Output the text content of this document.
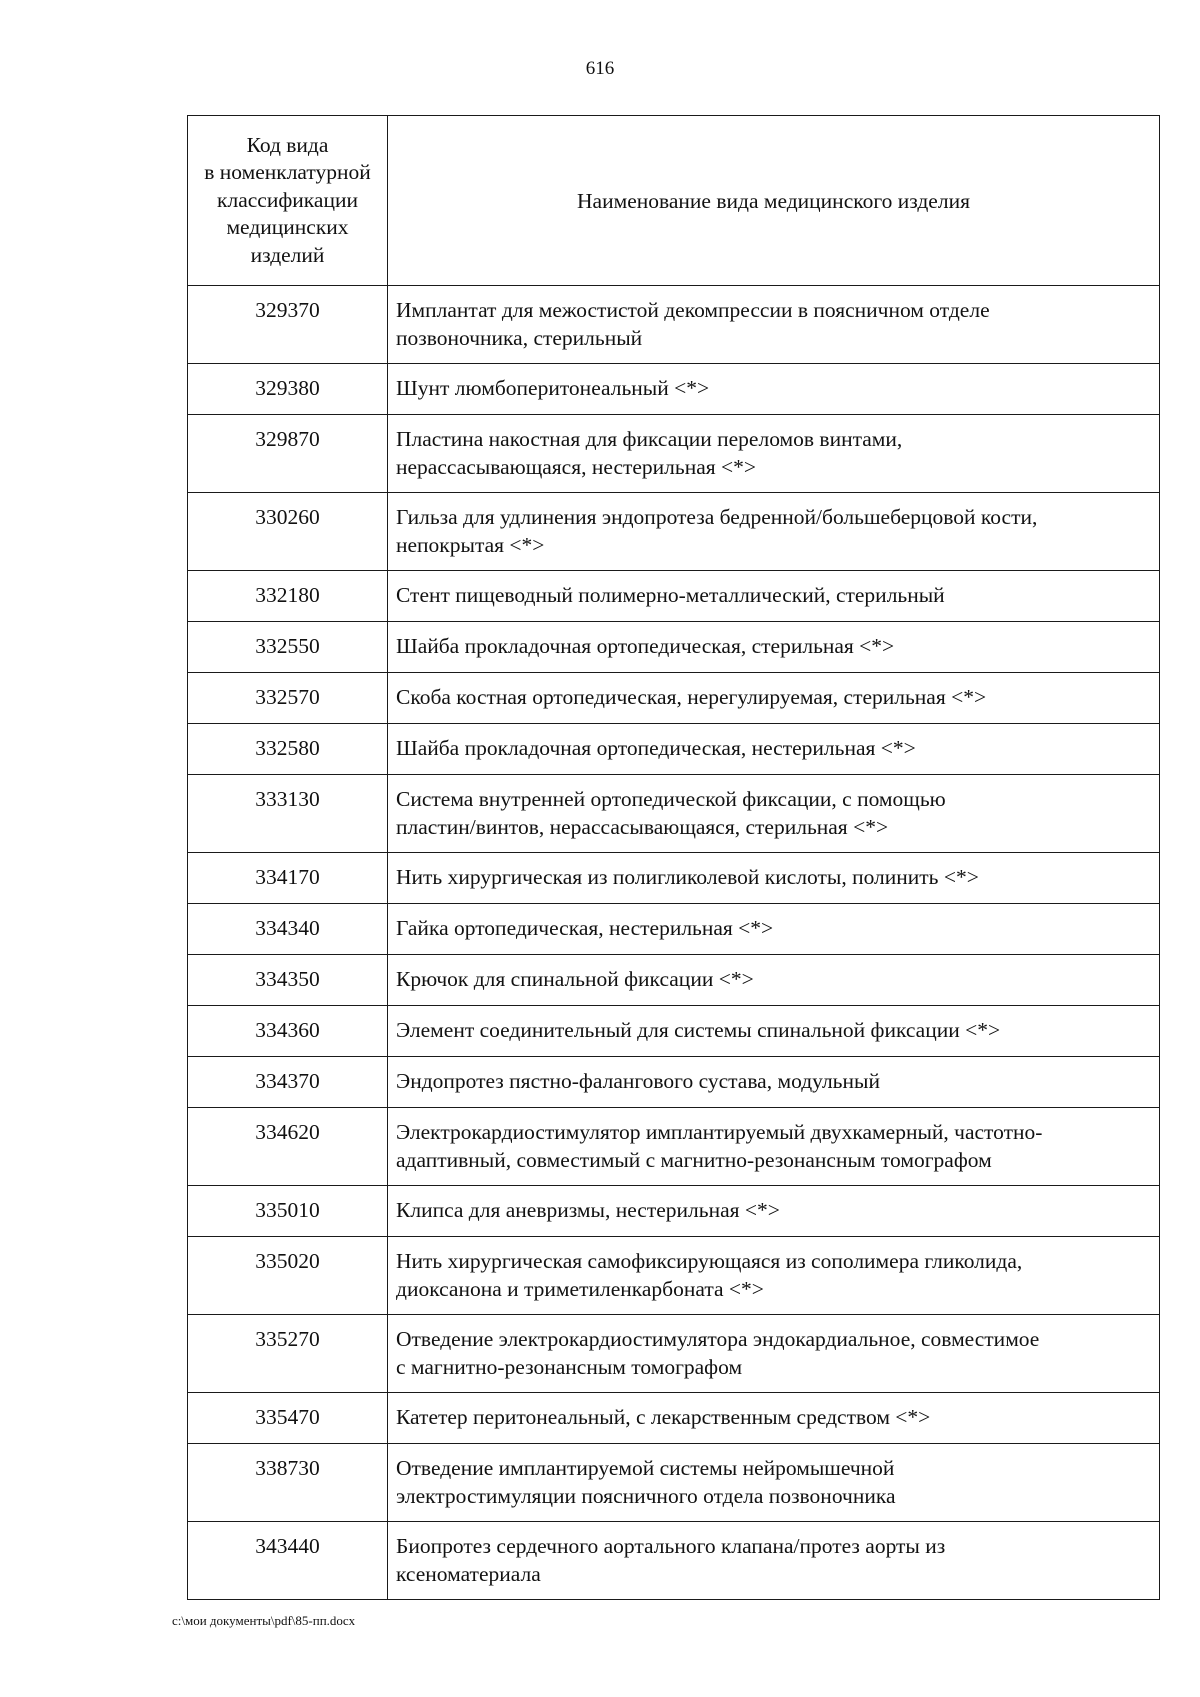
616
Код вида
в номенклатурной
классификации
медицинских
изделий	Наименование вида медицинского изделия
329370	Имплантат для межостистой декомпрессии в поясничном отделе
позвоночника, стерильный

329380	Шунт люмбоперитонеальный <*>

329870	Пластина накостная для фиксации переломов винтами,
нерассасывающаяся, нестерильная <*>

330260	Гильза для удлинения эндопротеза бедренной/большеберцовой кости,
непокрытая <*>

332180	Стент пищеводный полимерно-металлический, стерильный

332550	Шайба прокладочная ортопедическая, стерильная <*>

332570	Скоба костная ортопедическая, нерегулируемая, стерильная <*>

332580	Шайба прокладочная ортопедическая, нестерильная <*>

333130	Система внутренней ортопедической фиксации, с помощью
пластин/винтов, нерассасывающаяся, стерильная <*>

334170	Нить хирургическая из полигликолевой кислоты, полинить <*>

334340	Гайка ортопедическая, нестерильная <*>

334350	Крючок для спинальной фиксации <*>

334360	Элемент соединительный для системы спинальной фиксации <*>

334370	Эндопротез пястно-фалангового сустава, модульный

334620	Электрокардиостимулятор имплантируемый двухкамерный, частотно-
адаптивный, совместимый с магнитно-резонансным томографом

335010	Клипса для аневризмы, нестерильная <*>

335020	Нить хирургическая самофиксирующаяся из сополимера гликолида,
диоксанона и триметиленкарбоната <*>

335270	Отведение электрокардиостимулятора эндокардиальное, совместимое
с магнитно-резонансным томографом

335470	Катетер перитонеальный, с лекарственным средством <*>

338730	Отведение имплантируемой системы нейромышечной
электростимуляции поясничного отдела позвоночника

343440	Биопротез сердечного аортального клапана/протез аорты из
ксеноматериала
c:\мои документы\pdf\85-пп.docx
